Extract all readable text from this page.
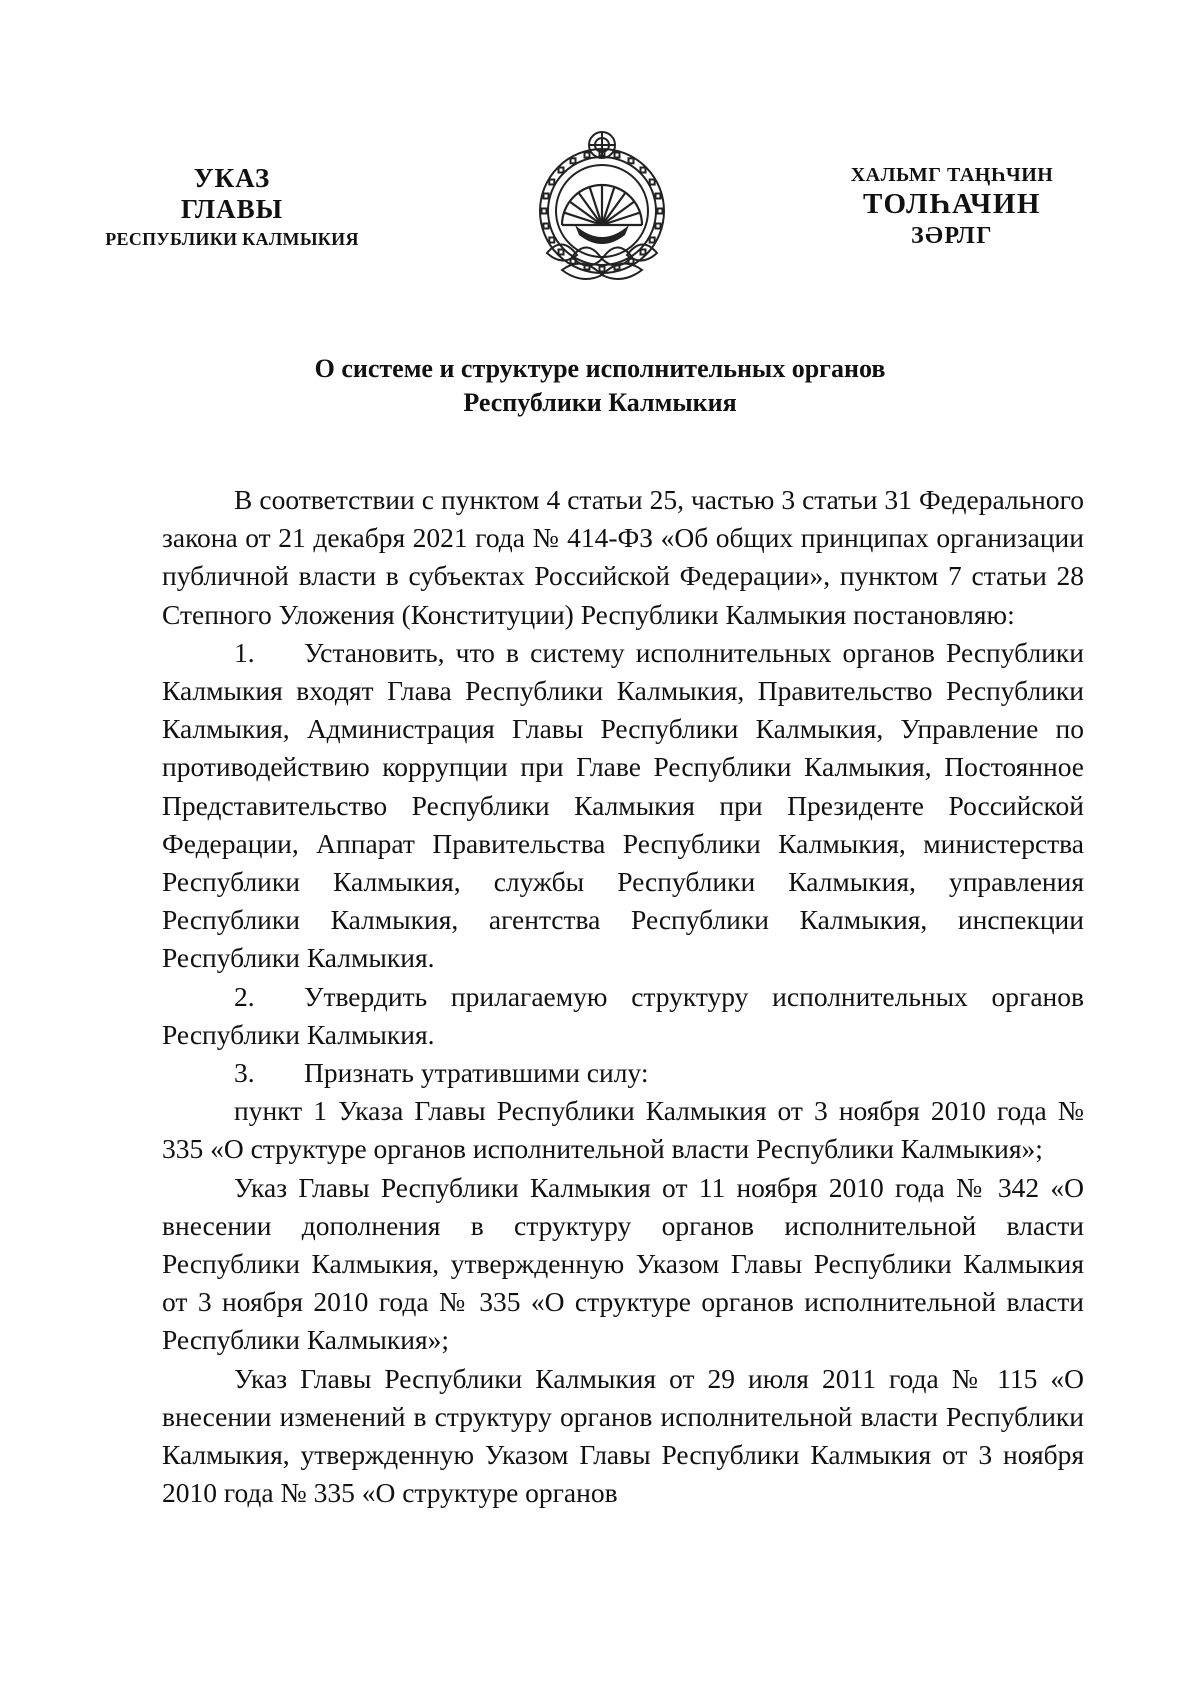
УКАЗ
ГЛАВЫ
РЕСПУБЛИКИ КАЛМЫКИЯ
ХАЛЬМГ ТАҢҺЧИН
ТОЛҺАЧИН
ЗӘРЛГ
О системе и структуре исполнительных органов
Республики Калмыкия

В соответствии с пунктом 4 статьи 25, частью 3 статьи 31 Федерального закона от 21 декабря 2021 года № 414-ФЗ «Об общих принципах организации публичной власти в субъектах Российской Федерации», пунктом 7 статьи 28 Степного Уложения (Конституции) Республики Калмыкия постановляю:

1. Установить, что в систему исполнительных органов Республики Калмыкия входят Глава Республики Калмыкия, Правительство Республики Калмыкия, Администрация Главы Республики Калмыкия, Управление по противодействию коррупции при Главе Республики Калмыкия, Постоянное Представительство Республики Калмыкия при Президенте Российской Федерации, Аппарат Правительства Республики Калмыкия, министерства Республики Калмыкия, службы Республики Калмыкия, управления Республики Калмыкия, агентства Республики Калмыкия, инспекции Республики Калмыкия.

2. Утвердить прилагаемую структуру исполнительных органов Республики Калмыкия.

3. Признать утратившими силу:

пункт 1 Указа Главы Республики Калмыкия от 3 ноября 2010 года № 335 «О структуре органов исполнительной власти Республики Калмыкия»;

Указ Главы Республики Калмыкия от 11 ноября 2010 года № 342 «О внесении дополнения в структуру органов исполнительной власти Республики Калмыкия, утвержденную Указом Главы Республики Калмыкия от 3 ноября 2010 года № 335 «О структуре органов исполнительной власти Республики Калмыкия»;

Указ Главы Республики Калмыкия от 29 июля 2011 года № 115 «О внесении изменений в структуру органов исполнительной власти Республики Калмыкия, утвержденную Указом Главы Республики Калмыкия от 3 ноября 2010 года № 335 «О структуре органов
